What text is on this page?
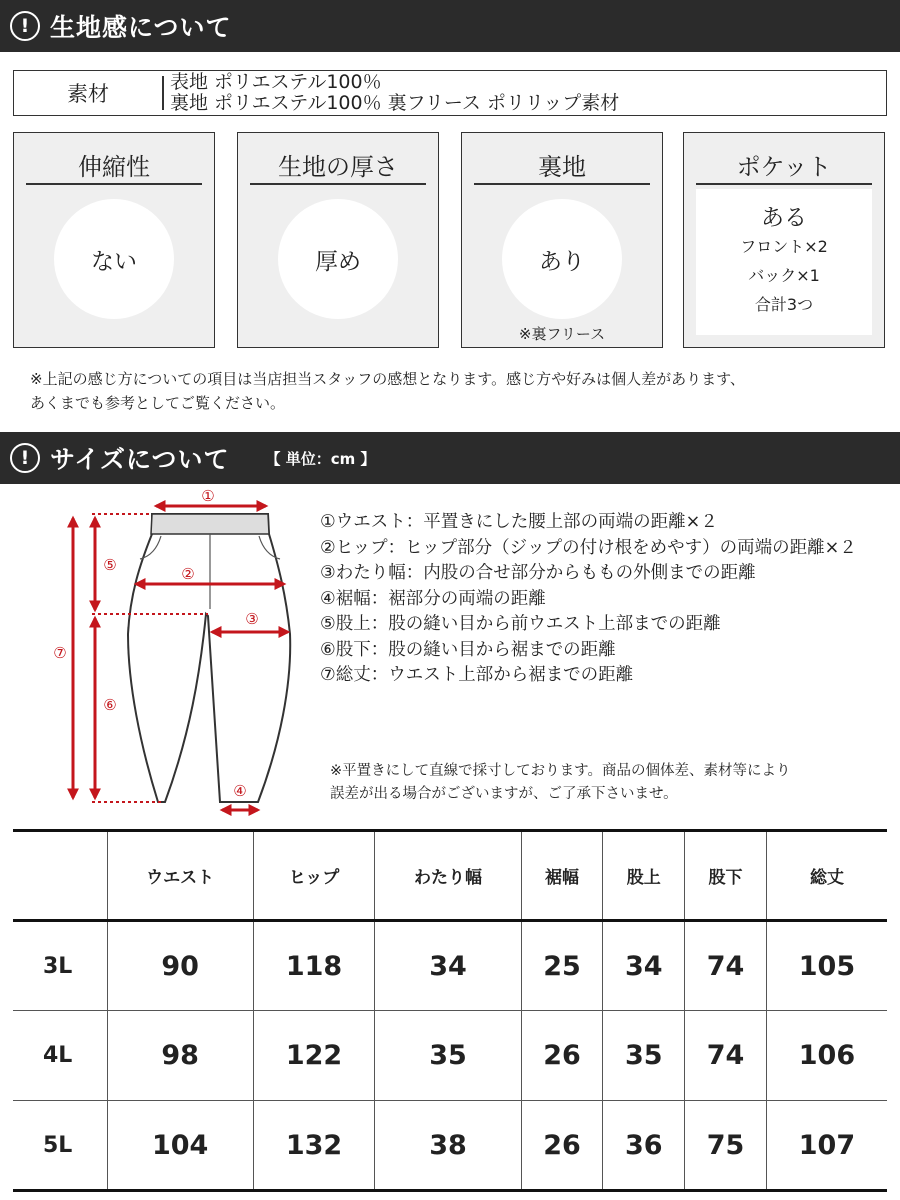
! 生地感について
素材	表地 ポリエステル100％
裏地 ポリエステル100％ 裏フリース ポリリップ素材
伸縮性
ない
生地の厚さ
厚め
裏地
あり
※裏フリース
ポケット
ある
フロント×2
バック×1
合計3つ
※上記の感じ方についての項目は当店担当スタッフの感想となります。感じ方や好みは個人差があります、
あくまでも参考としてご覧ください。
! サイズについて 【 単位：cm 】
①
②
③
④
⑤
⑥
⑦
①ウエスト：平置きにした腰上部の両端の距離×２
②ヒップ：ヒップ部分（ジップの付け根をめやす）の両端の距離×２
③わたり幅：内股の合せ部分からももの外側までの距離
④裾幅：裾部分の両端の距離
⑤股上：股の縫い目から前ウエスト上部までの距離
⑥股下：股の縫い目から裾までの距離
⑦総丈：ウエスト上部から裾までの距離
※平置きにして直線で採寸しております。商品の個体差、素材等により
誤差が出る場合がございますが、ご了承下さいませ。
	ウエスト	ヒップ	わたり幅	裾幅	股上	股下	総丈
3L	90	118	34	25	34	74	105
4L	98	122	35	26	35	74	106
5L	104	132	38	26	36	75	107
